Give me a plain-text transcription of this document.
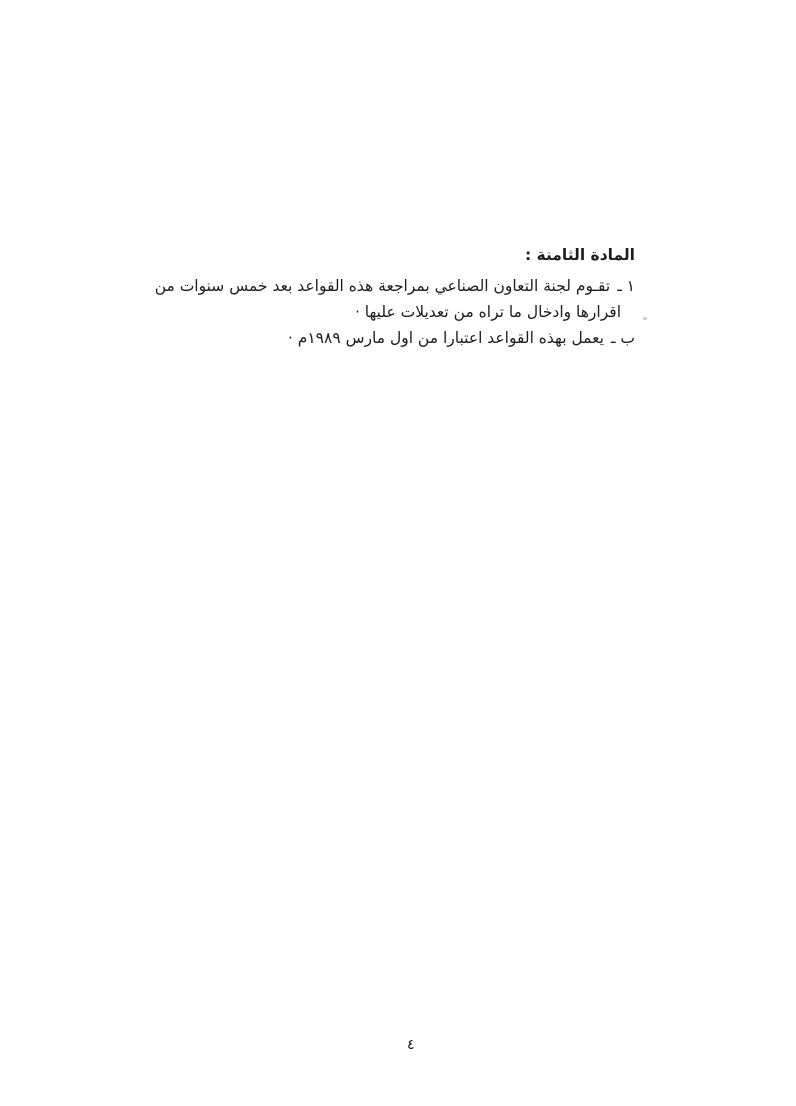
المادة الثامنة :
١ ـتقـوم لجنة التعاون الصناعي بمراجعة هذه القواعد بعد خمس سنوات من
اقرارها وادخال ما تراه من تعديلات عليها ·
ب ـيعمل بهذه القواعد اعتبارا من اول مارس ١٩٨٩م ·
٤
